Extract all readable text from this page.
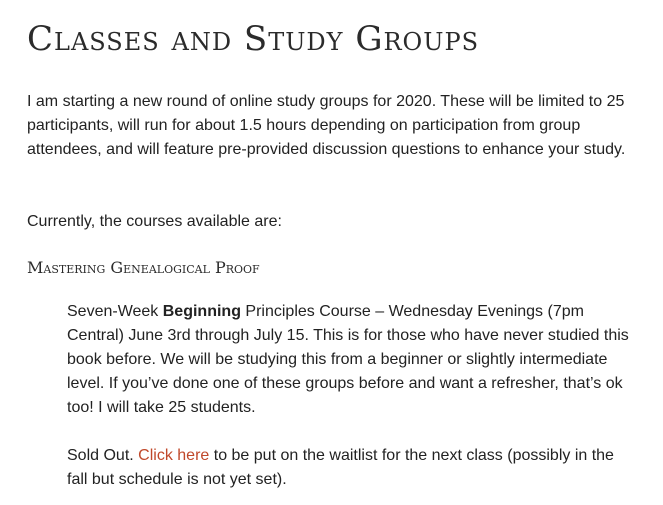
Classes and Study Groups

I am starting a new round of online study groups for 2020. These will be limited to 25 participants, will run for about 1.5 hours depending on participation from group attendees, and will feature pre-provided discussion questions to enhance your study.

Currently, the courses available are:

Mastering Genealogical Proof

Seven-Week Beginning Principles Course – Wednesday Evenings (7pm Central) June 3rd through July 15. This is for those who have never studied this book before. We will be studying this from a beginner or slightly intermediate level. If you’ve done one of these groups before and want a refresher, that’s ok too! I will take 25 students.

Sold Out. Click here to be put on the waitlist for the next class (possibly in the fall but schedule is not yet set).
